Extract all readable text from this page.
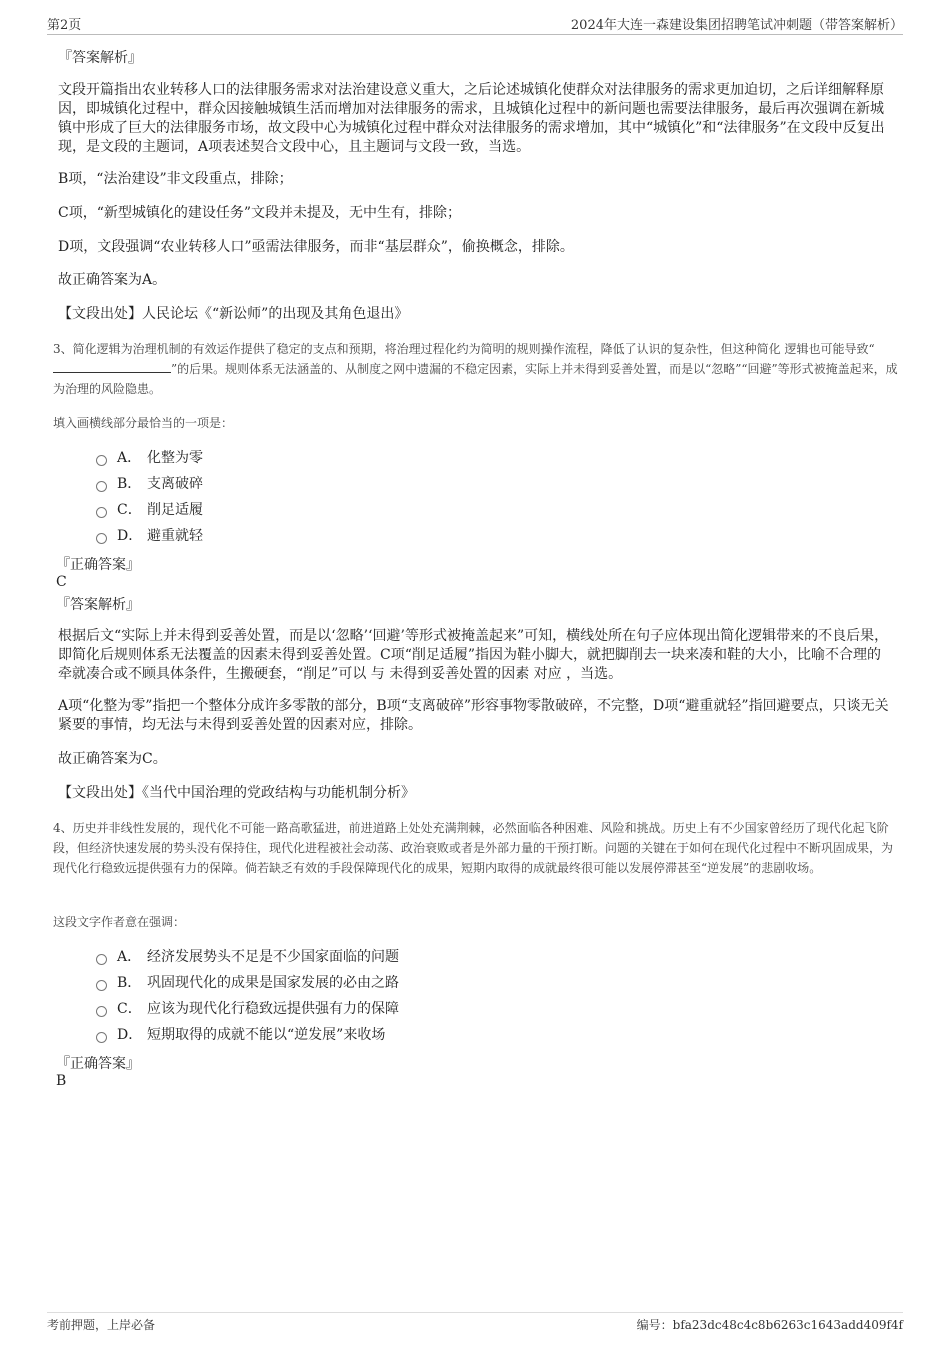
第2页	2024年大连一森建设集团招聘笔试冲刺题（带答案解析）
『答案解析』
文段开篇指出农业转移人口的法律服务需求对法治建设意义重大，之后论述城镇化使群众对法律服务的需求更加迫切，之后详细解释原因，即城镇化过程中，群众因接触城镇生活而增加对法律服务的需求，且城镇化过程中的新问题也需要法律服务，最后再次强调在新城镇中形成了巨大的法律服务市场，故文段中心为城镇化过程中群众对法律服务的需求增加，其中“城镇化”和“法律服务”在文段中反复出现，是文段的主题词，A项表述契合文段中心，且主题词与文段一致，当选。
B项，“法治建设”非文段重点，排除；
C项，“新型城镇化的建设任务”文段并未提及，无中生有，排除；
D项，文段强调“农业转移人口”亟需法律服务，而非“基层群众”，偷换概念，排除。
故正确答案为A。
【文段出处】人民论坛《“新讼师”的出现及其角色退出》
3、简化逻辑为治理机制的有效运作提供了稳定的支点和预期，将治理过程化约为简明的规则操作流程，降低了认识的复杂性，但这种简化 逻辑也可能导致“”的后果。规则体系无法涵盖的、从制度之网中遗漏的不稳定因素，实际上并未得到妥善处置，而是以“忽略”“回避”等形式被掩盖起来，成为治理的风险隐患。
填入画横线部分最恰当的一项是：
A． 化整为零
B． 支离破碎
C． 削足适履
D． 避重就轻
『正确答案』
C
『答案解析』
根据后文“实际上并未得到妥善处置，而是以‘忽略’‘回避’等形式被掩盖起来”可知，横线处所在句子应体现出简化逻辑带来的不良后果，即简化后规则体系无法覆盖的因素未得到妥善处置。C项“削足适履”指因为鞋小脚大，就把脚削去一块来凑和鞋的大小，比喻不合理的牵就凑合或不顾具体条件，生搬硬套，“削足”可以 与 未得到妥善处置的因素 对应 ，当选。
A项“化整为零”指把一个整体分成许多零散的部分，B项“支离破碎”形容事物零散破碎，不完整，D项“避重就轻”指回避要点，只谈无关紧要的事情，均无法与未得到妥善处置的因素对应，排除。
故正确答案为C。
【文段出处】《当代中国治理的党政结构与功能机制分析》
4、历史并非线性发展的，现代化不可能一路高歌猛进，前进道路上处处充满荆棘，必然面临各种困难、风险和挑战。历史上有不少国家曾经历了现代化起飞阶段，但经济快速发展的势头没有保持住，现代化进程被社会动荡、政治衰败或者是外部力量的干预打断。问题的关键在于如何在现代化过程中不断巩固成果，为现代化行稳致远提供强有力的保障。倘若缺乏有效的手段保障现代化的成果，短期内取得的成就最终很可能以发展停滞甚至“逆发展”的悲剧收场。
这段文字作者意在强调：
A． 经济发展势头不足是不少国家面临的问题
B． 巩固现代化的成果是国家发展的必由之路
C． 应该为现代化行稳致远提供强有力的保障
D． 短期取得的成就不能以“逆发展”来收场
『正确答案』
B
考前押题，上岸必备	编号：bfa23dc48c4c8b6263c1643add409f4f
